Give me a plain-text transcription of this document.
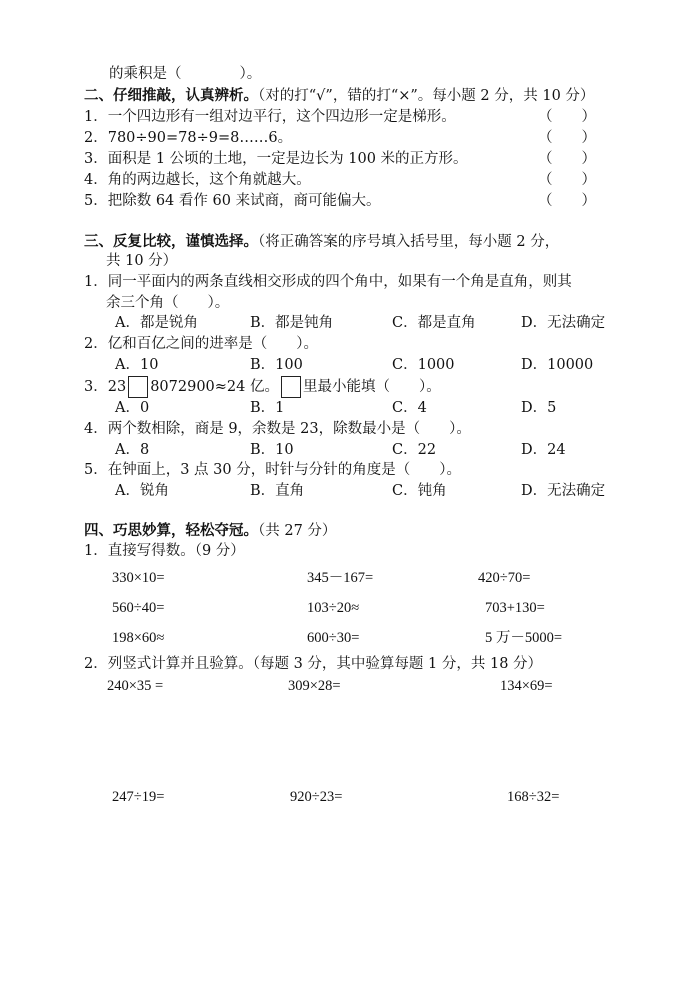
的乘积是（　　　　）。
二、仔细推敲，认真辨析。（对的打“√”，错的打“×”。每小题 2 分，共 10 分）
1．一个四边形有一组对边平行，这个四边形一定是梯形。	（　　）
2．780÷90=78÷9=8……6。	（　　）
3．面积是 1 公顷的土地，一定是边长为 100 米的正方形。	（　　）
4．角的两边越长，这个角就越大。	（　　）
5．把除数 64 看作 60 来试商，商可能偏大。	（　　）
三、反复比较，谨慎选择。（将正确答案的序号填入括号里，每小题 2 分，
共 10 分）
1．同一平面内的两条直线相交形成的四个角中，如果有一个角是直角，则其
余三个角（　　）。
A．都是锐角	B．都是钝角	C．都是直角	D．无法确定
2．亿和百亿之间的进率是（　　）。
A．10	B．100	C．1000	D．10000
3．23 8072900≈24 亿。 里最小能填（　　）。
A．0	B．1	C．4	D．5
4．两个数相除，商是 9，余数是 23，除数最小是（　　）。
A．8	B．10	C．22	D．24
5．在钟面上，3 点 30 分，时针与分针的角度是（　　）。
A．锐角	B．直角	C．钝角	D．无法确定
四、巧思妙算，轻松夺冠。（共 27 分）
1．直接写得数。（9 分）
330×10=	345－167=	420÷70=
560÷40=	103÷20≈	703+130=
198×60≈	600÷30=	5 万－5000=
2．列竖式计算并且验算。（每题 3 分，其中验算每题 1 分，共 18 分）
240×35 =	309×28=	134×69=
247÷19=	920÷23=	168÷32=
